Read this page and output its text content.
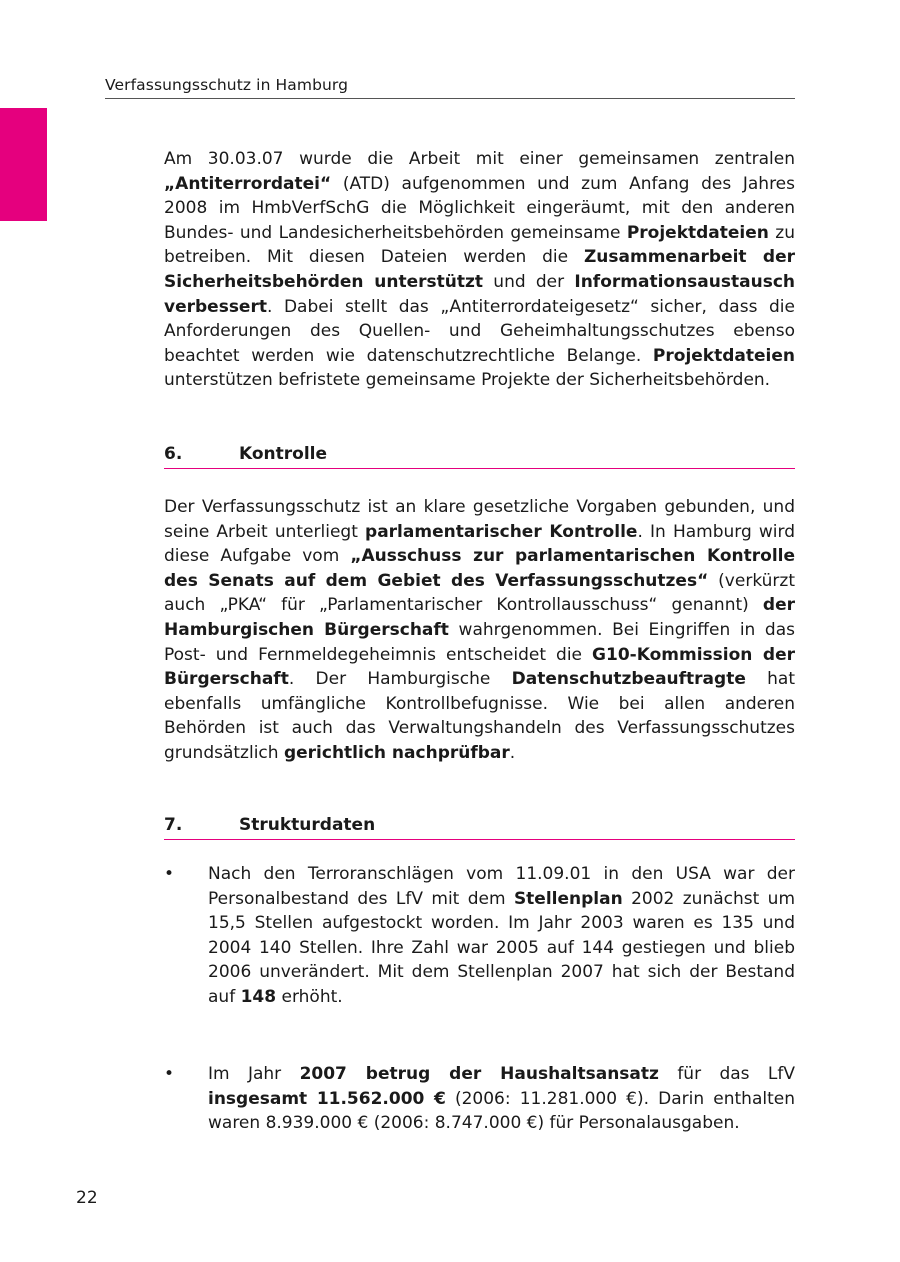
Verfassungsschutz in Hamburg

Am 30.03.07 wurde die Arbeit mit einer gemeinsamen zentralen „Antiterrordatei“ (ATD) aufgenommen und zum Anfang des Jahres 2008 im HmbVerfSchG die Möglichkeit eingeräumt, mit den anderen Bundes- und Landesicherheitsbehörden gemeinsame Projektdateien zu betreiben. Mit diesen Dateien werden die Zusammenarbeit der Sicherheitsbehörden unterstützt und der Informationsaustausch verbessert. Dabei stellt das „Antiterrordateigesetz“ sicher, dass die Anforderungen des Quellen- und Geheimhaltungsschutzes ebenso beachtet werden wie datenschutzrechtliche Belange. Projektdateien unterstützen befristete gemeinsame Projekte der Sicherheitsbehörden.

6.	Kontrolle

Der Verfassungsschutz ist an klare gesetzliche Vorgaben gebunden, und seine Arbeit unterliegt parlamentarischer Kontrolle. In Hamburg wird diese Aufgabe vom „Ausschuss zur parlamentarischen Kontrolle des Senats auf dem Gebiet des Verfassungsschutzes“ (verkürzt auch „PKA“ für „Parlamentarischer Kontrollausschuss“ genannt) der Hamburgischen Bürgerschaft wahrgenommen. Bei Eingriffen in das Post- und Fernmeldegeheimnis entscheidet die G10-Kommission der Bürgerschaft. Der Hamburgische Datenschutzbeauftragte hat ebenfalls umfängliche Kontrollbefugnisse. Wie bei allen anderen Behörden ist auch das Verwaltungshandeln des Verfassungsschutzes grundsätzlich gerichtlich nachprüfbar.

7.	Strukturdaten
• Nach den Terroranschlägen vom 11.09.01 in den USA war der Personalbestand des LfV mit dem Stellenplan 2002 zunächst um 15,5 Stellen aufgestockt worden. Im Jahr 2003 waren es 135 und 2004 140 Stellen. Ihre Zahl war 2005 auf 144 gestiegen und blieb 2006 unverändert. Mit dem Stellenplan 2007 hat sich der Bestand auf 148 erhöht.

• Im Jahr 2007 betrug der Haushaltsansatz für das LfV insgesamt 11.562.000 € (2006: 11.281.000 €). Darin enthalten waren 8.939.000 € (2006: 8.747.000 €) für Personalausgaben.

22
